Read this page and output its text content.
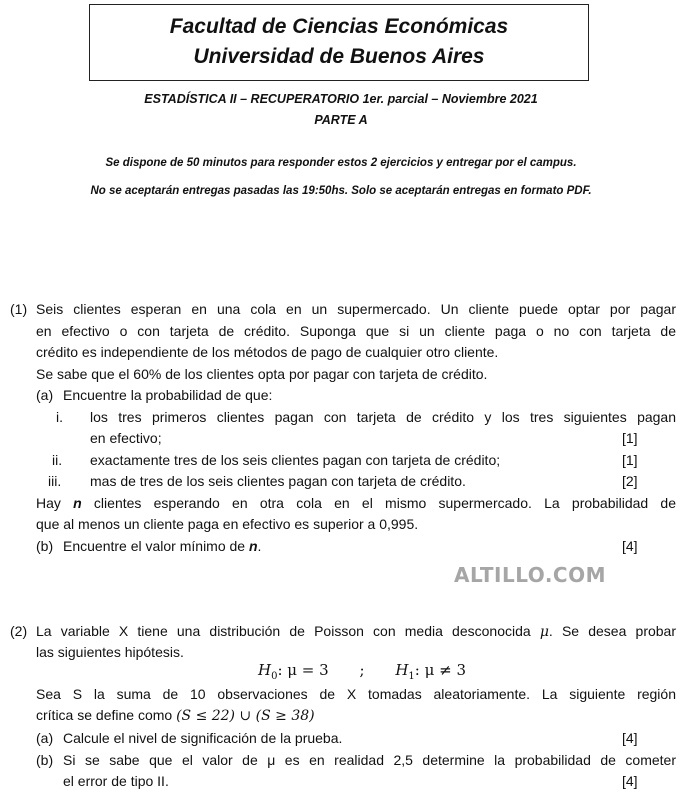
Facultad de Ciencias Económicas
Universidad de Buenos Aires
ESTADÍSTICA II – RECUPERATORIO 1er. parcial – Noviembre 2021
PARTE A
Se dispone de 50 minutos para responder estos 2 ejercicios y entregar por el campus.
No se aceptarán entregas pasadas las 19:50hs. Solo se aceptarán entregas en formato PDF.
(1) Seis clientes esperan en una cola en un supermercado. Un cliente puede optar por pagar
en efectivo o con tarjeta de crédito. Suponga que si un cliente paga o no con tarjeta de
crédito es independiente de los métodos de pago de cualquier otro cliente.
Se sabe que el 60% de los clientes opta por pagar con tarjeta de crédito.
(a) Encuentre la probabilidad de que:
i. los tres primeros clientes pagan con tarjeta de crédito y los tres siguientes pagan
en efectivo;	[1]
ii. exactamente tres de los seis clientes pagan con tarjeta de crédito;	[1]
iii. mas de tres de los seis clientes pagan con tarjeta de crédito.	[2]
Hay n clientes esperando en otra cola en el mismo supermercado. La probabilidad de
que al menos un cliente paga en efectivo es superior a 0,995.
(b) Encuentre el valor mínimo de n.	[4]
ALTILLO.COM
(2) La variable X tiene una distribución de Poisson con media desconocida μ. Se desea probar
las siguientes hipótesis.
$H_0$: μ = 3 ; $H_1$: μ ≠ 3
Sea S la suma de 10 observaciones de X tomadas aleatoriamente. La siguiente región
crítica se define como (S ≤ 22) ∪ (S ≥ 38)
(a) Calcule el nivel de significación de la prueba.	[4]
(b) Si se sabe que el valor de μ es en realidad 2,5 determine la probabilidad de cometer
el error de tipo II.	[4]
